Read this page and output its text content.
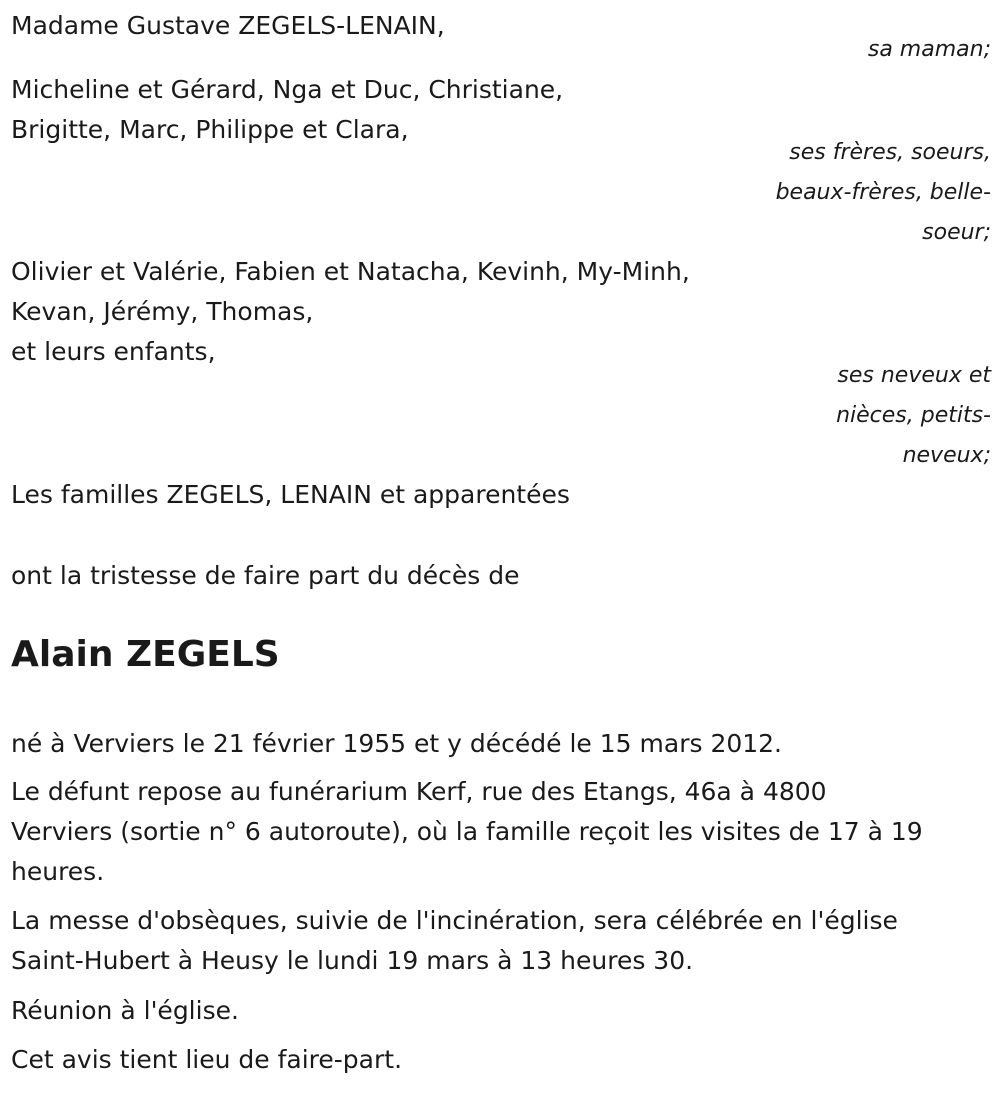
Madame Gustave ZEGELS-LENAIN,

sa maman;

Micheline et Gérard, Nga et Duc, Christiane,

Brigitte, Marc, Philippe et Clara,

ses frères, soeurs,
beaux-frères, belle-
soeur;

Olivier et Valérie, Fabien et Natacha, Kevinh, My-Minh,

Kevan, Jérémy, Thomas,

et leurs enfants,

ses neveux et
nièces, petits-
neveux;

Les familles ZEGELS, LENAIN et apparentées

ont la tristesse de faire part du décès de

Alain ZEGELS

né à Verviers le 21 février 1955 et y décédé le 15 mars 2012.

Le défunt repose au funérarium Kerf, rue des Etangs, 46a à 4800
Verviers (sortie n° 6 autoroute), où la famille reçoit les visites de 17 à 19
heures.
La messe d'obsèques, suivie de l'incinération, sera célébrée en l'église
Saint-Hubert à Heusy le lundi 19 mars à 13 heures 30.

Réunion à l'église.

Cet avis tient lieu de faire-part.
